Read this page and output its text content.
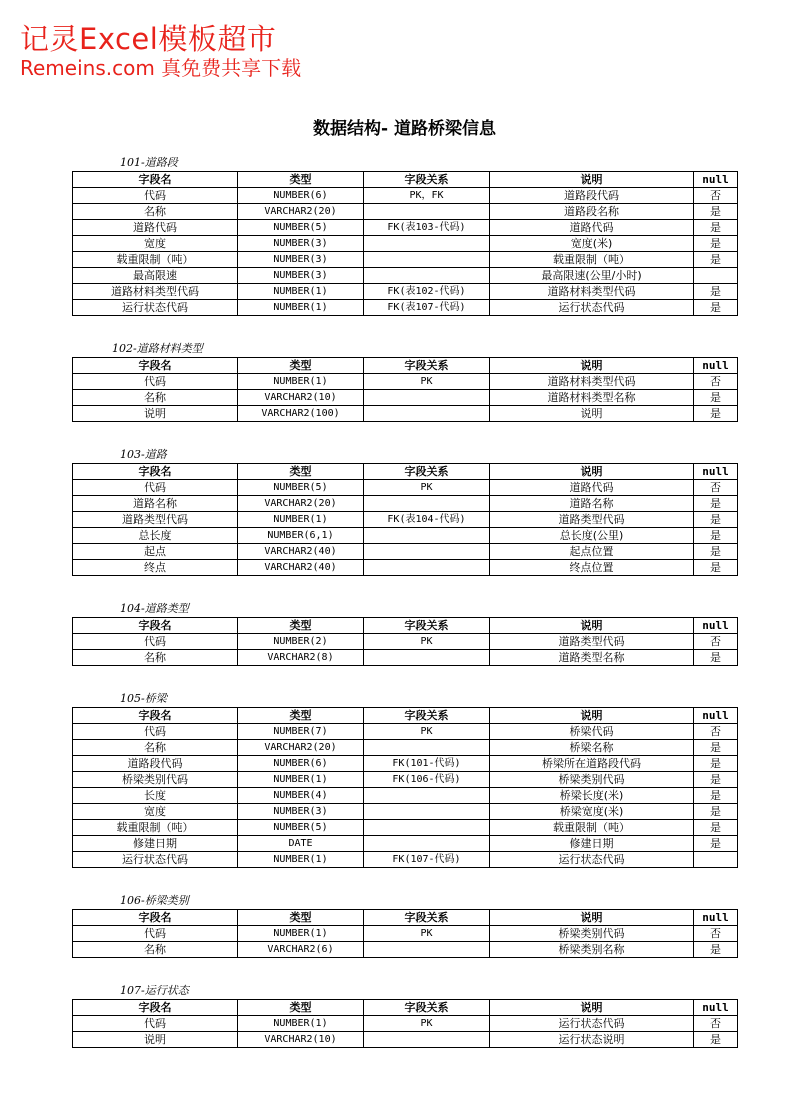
记灵Excel模板超市
Remeins.com 真免费共享下载
数据结构- 道路桥梁信息
101-道路段
字段名	类型	字段关系	说明	null
代码	NUMBER(6)	PK，FK	道路段代码	否
名称	VARCHAR2(20)		道路段名称	是
道路代码	NUMBER(5)	FK(表103-代码)	道路代码	是
宽度	NUMBER(3)		宽度(米)	是
载重限制（吨）	NUMBER(3)		载重限制（吨）	是
最高限速	NUMBER(3)		最高限速(公里/小时)	
道路材料类型代码	NUMBER(1)	FK(表102-代码)	道路材料类型代码	是
运行状态代码	NUMBER(1)	FK(表107-代码)	运行状态代码	是
102-道路材料类型
字段名	类型	字段关系	说明	null
代码	NUMBER(1)	PK	道路材料类型代码	否
名称	VARCHAR2(10)		道路材料类型名称	是
说明	VARCHAR2(100)		说明	是
103-道路
字段名	类型	字段关系	说明	null
代码	NUMBER(5)	PK	道路代码	否
道路名称	VARCHAR2(20)		道路名称	是
道路类型代码	NUMBER(1)	FK(表104-代码)	道路类型代码	是
总长度	NUMBER(6,1)		总长度(公里)	是
起点	VARCHAR2(40)		起点位置	是
终点	VARCHAR2(40)		终点位置	是
104-道路类型
字段名	类型	字段关系	说明	null
代码	NUMBER(2)	PK	道路类型代码	否
名称	VARCHAR2(8)		道路类型名称	是
105-桥梁
字段名	类型	字段关系	说明	null
代码	NUMBER(7)	PK	桥梁代码	否
名称	VARCHAR2(20)		桥梁名称	是
道路段代码	NUMBER(6)	FK(101-代码)	桥梁所在道路段代码	是
桥梁类别代码	NUMBER(1)	FK(106-代码)	桥梁类别代码	是
长度	NUMBER(4)		桥梁长度(米)	是
宽度	NUMBER(3)		桥梁宽度(米)	是
载重限制（吨）	NUMBER(5)		载重限制（吨）	是
修建日期	DATE		修建日期	是
运行状态代码	NUMBER(1)	FK(107-代码)	运行状态代码	
106-桥梁类别
字段名	类型	字段关系	说明	null
代码	NUMBER(1)	PK	桥梁类别代码	否
名称	VARCHAR2(6)		桥梁类别名称	是
107-运行状态
字段名	类型	字段关系	说明	null
代码	NUMBER(1)	PK	运行状态代码	否
说明	VARCHAR2(10)		运行状态说明	是
